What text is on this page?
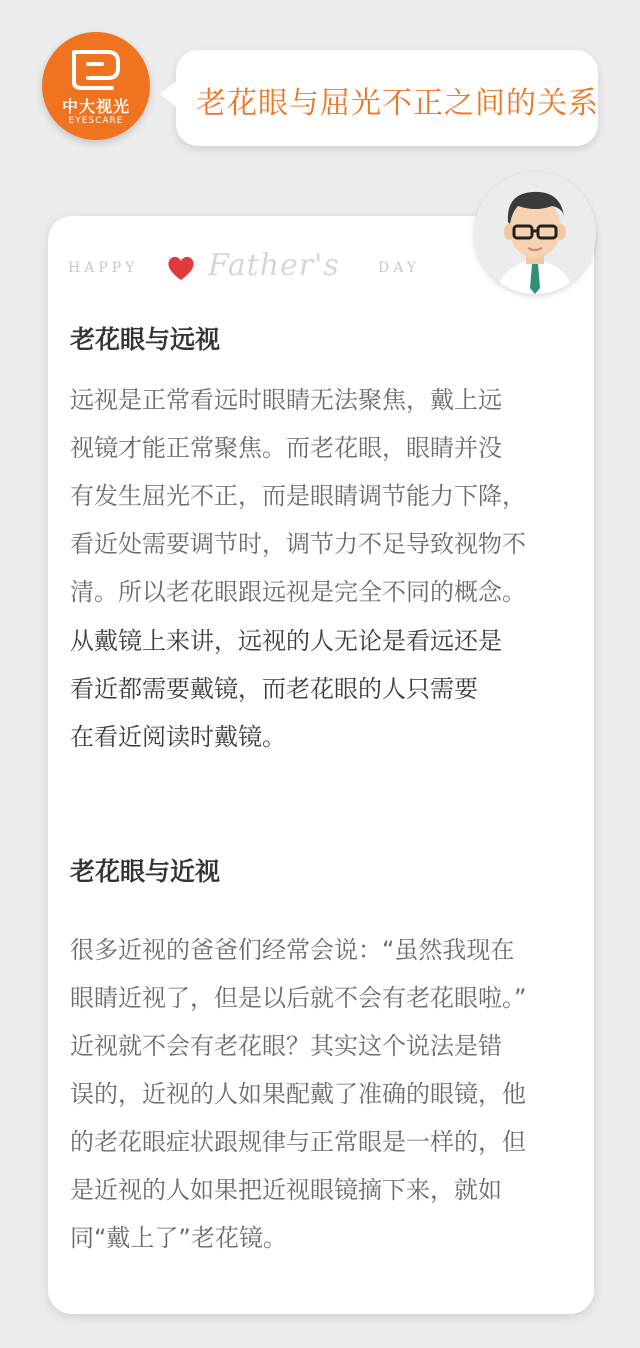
中大视光
EYESCARE	老花眼与屈光不正之间的关系
HAPPY Father's	DAY
老花眼与远视
远视是正常看远时眼睛无法聚焦，戴上远
视镜才能正常聚焦。而老花眼，眼睛并没
有发生屈光不正，而是眼睛调节能力下降，
看近处需要调节时，调节力不足导致视物不
清。所以老花眼跟远视是完全不同的概念。
从戴镜上来讲，远视的人无论是看远还是
看近都需要戴镜，而老花眼的人只需要
在看近阅读时戴镜。
老花眼与近视
很多近视的爸爸们经常会说：“虽然我现在
眼睛近视了，但是以后就不会有老花眼啦。”
近视就不会有老花眼？其实这个说法是错
误的，近视的人如果配戴了准确的眼镜，他
的老花眼症状跟规律与正常眼是一样的，但
是近视的人如果把近视眼镜摘下来，就如
同“戴上了”老花镜。
